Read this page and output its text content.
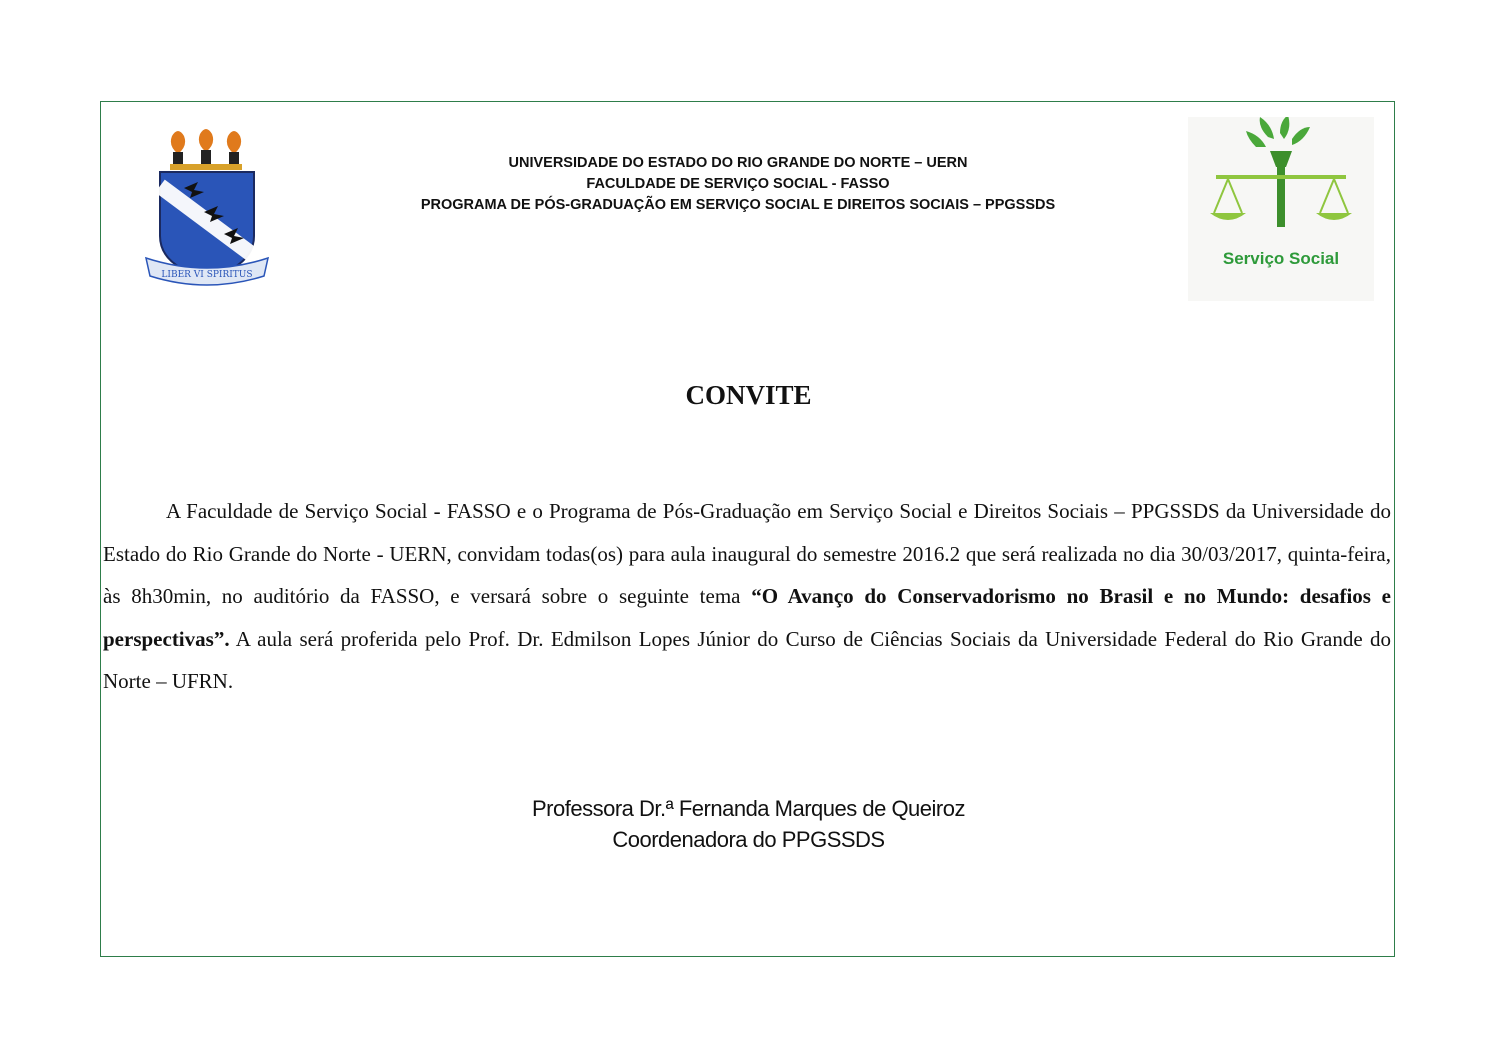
LIBER VI SPIRITUS
Serviço Social
UNIVERSIDADE DO ESTADO DO RIO GRANDE DO NORTE – UERN
FACULDADE DE SERVIÇO SOCIAL - FASSO
PROGRAMA DE PÓS-GRADUAÇÃO EM SERVIÇO SOCIAL E DIREITOS SOCIAIS – PPGSSDS
CONVITE

A Faculdade de Serviço Social - FASSO e o Programa de Pós-Graduação em Serviço Social e Direitos Sociais – PPGSSDS da Universidade do Estado do Rio Grande do Norte - UERN, convidam todas(os) para aula inaugural do semestre 2016.2 que será realizada no dia 30/03/2017, quinta-feira, às 8h30min, no auditório da FASSO, e versará sobre o seguinte tema “O Avanço do Conservadorismo no Brasil e no Mundo: desafios e perspectivas”. A aula será proferida pelo Prof. Dr. Edmilson Lopes Júnior do Curso de Ciências Sociais da Universidade Federal do Rio Grande do Norte – UFRN.

Professora Dr.ª Fernanda Marques de Queiroz
Coordenadora do PPGSSDS
